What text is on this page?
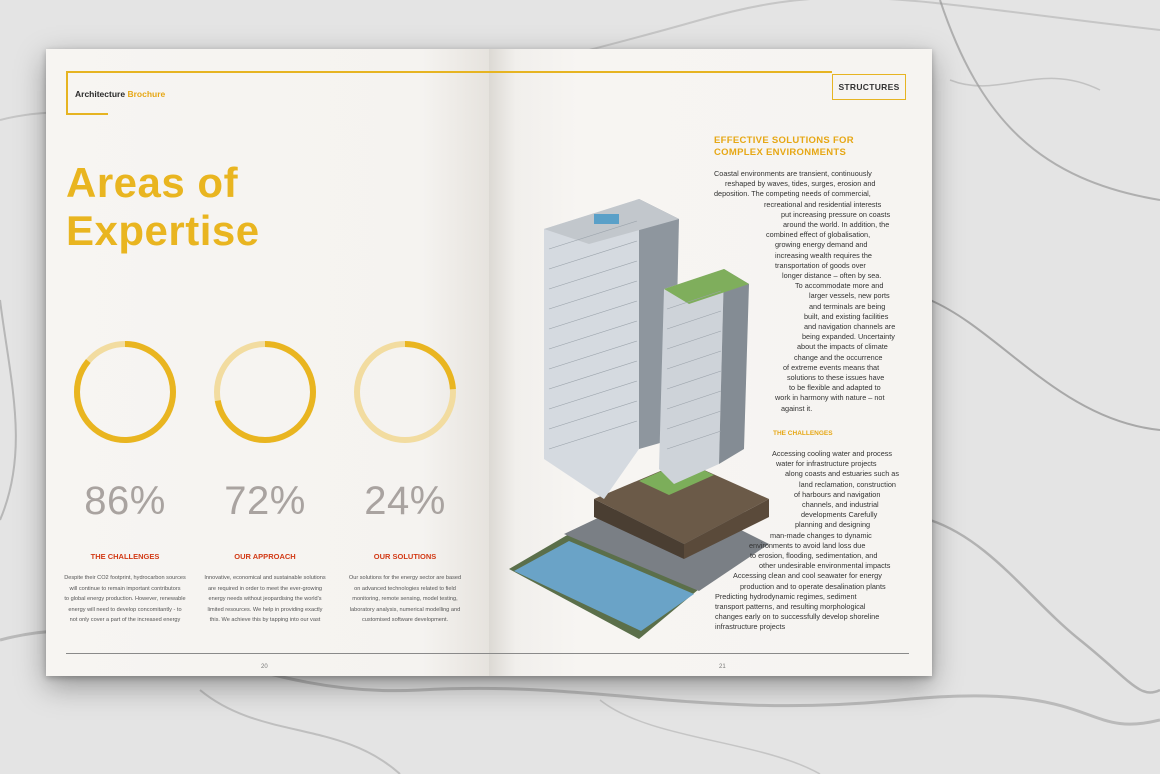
Architecture Brochure
Areas of
Expertise
86%	72%	24%
THE CHALLENGES	OUR APPROACH	OUR SOLUTIONS
Despite their CO2 footprint, hydrocarbon sources
will continue to remain important contributors
to global energy production. However, renewable
energy will need to develop concomitantly - to
not only cover a part of the increased energy
Innovative, economical and sustainable solutions
are required in order to meet the ever-growing
energy needs without jeopardising the world's
limited resources. We help in providing exactly
this. We achieve this by tapping into our vast
Our solutions for the energy sector are based
on advanced technologies related to field
monitoring, remote sensing, model testing,
laboratory analysis, numerical modelling and
customised software development.
20
STRUCTURES
EFFECTIVE SOLUTIONS FOR
COMPLEX ENVIRONMENTS
Coastal environments are transient, continuously
reshaped by waves, tides, surges, erosion and
deposition. The competing needs of commercial,
recreational and residential interests
put increasing pressure on coasts
around the world. In addition, the
combined effect of globalisation,
growing energy demand and
increasing wealth requires the
transportation of goods over
longer distance – often by sea.
To accommodate more and
larger vessels, new ports
and terminals are being
built, and existing facilities
and navigation channels are
being expanded. Uncertainty
about the impacts of climate
change and the occurrence
of extreme events means that
solutions to these issues have
to be flexible and adapted to
work in harmony with nature – not
against it.
THE CHALLENGES
Accessing cooling water and process
water for infrastructure projects
along coasts and estuaries such as
land reclamation, construction
of harbours and navigation
channels, and industrial
developments Carefully
planning and designing
man-made changes to dynamic
environments to avoid land loss due
to erosion, flooding, sedimentation, and
other undesirable environmental impacts
Accessing clean and cool seawater for energy
production and to operate desalination plants
Predicting hydrodynamic regimes, sediment
transport patterns, and resulting morphological
changes early on to successfully develop shoreline
infrastructure projects
21
